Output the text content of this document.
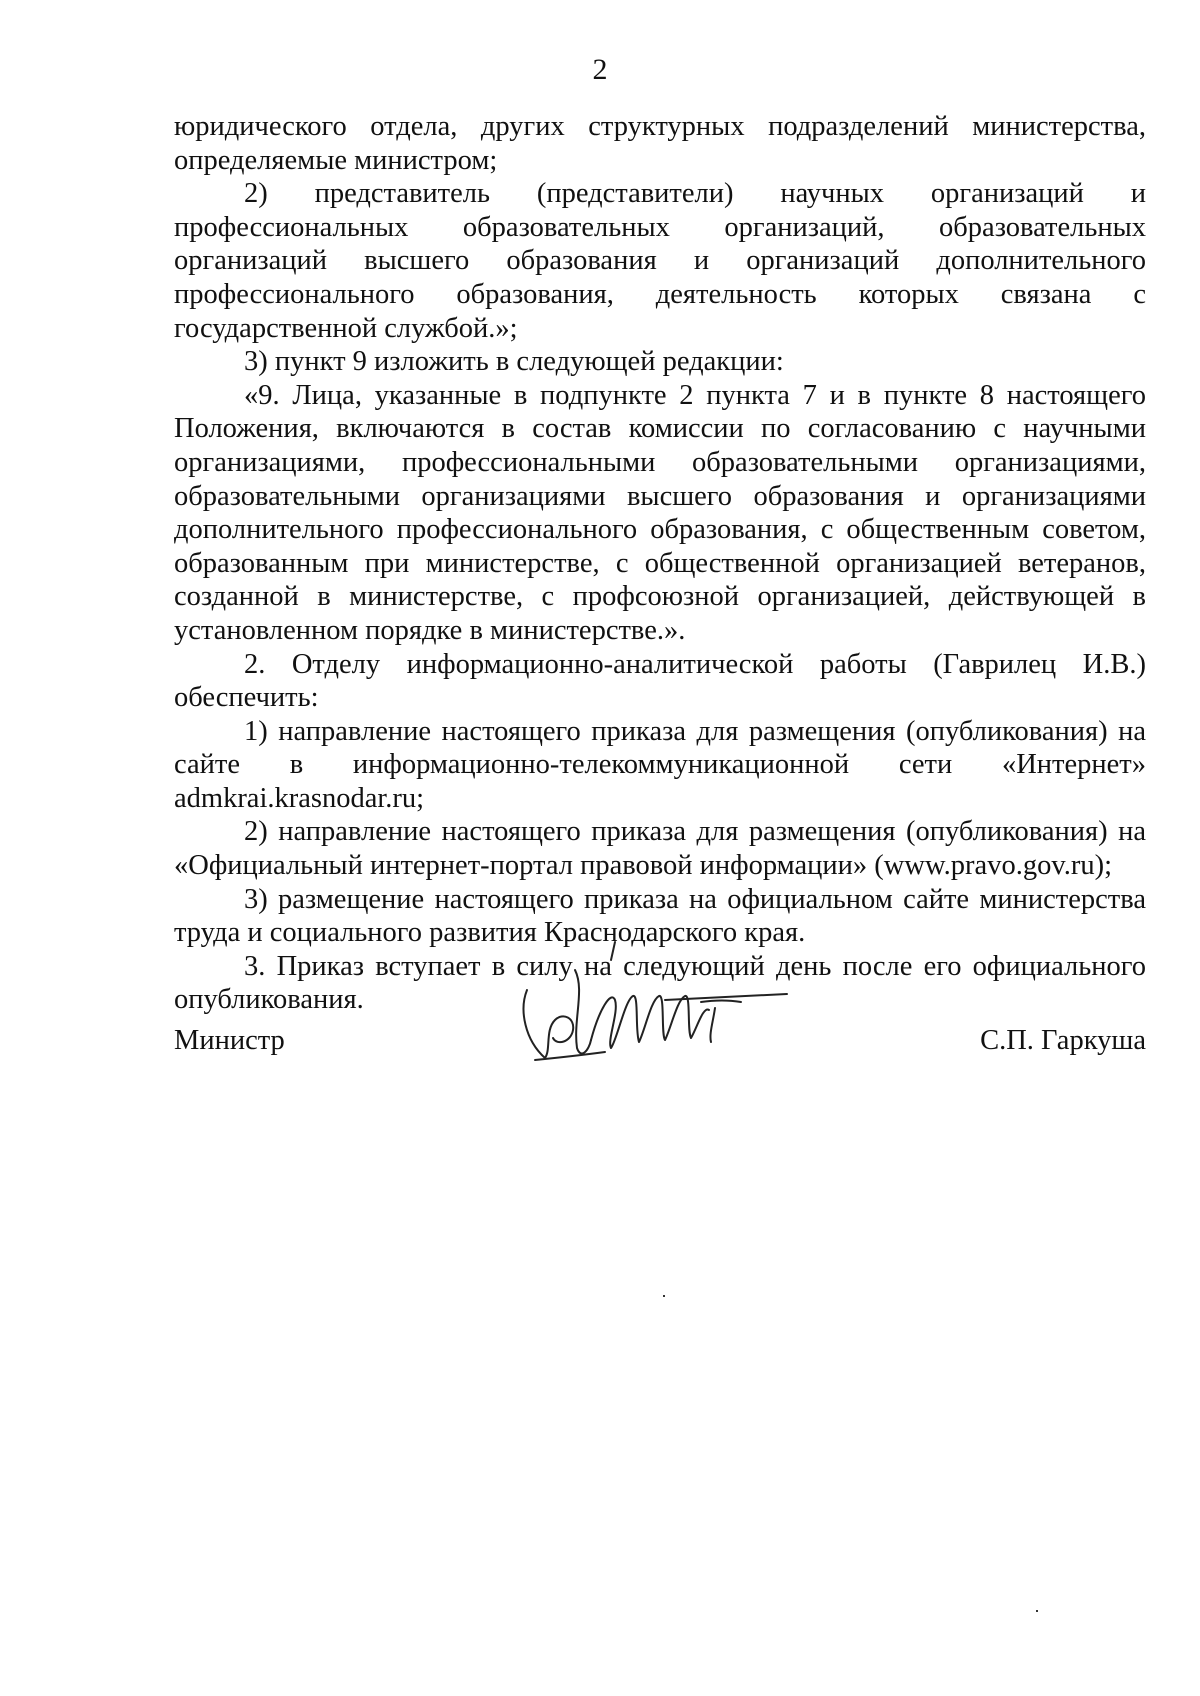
2

юридического отдела, других структурных подразделений министерства, определяемые министром;

2) представитель (представители) научных организаций и профессиональных образовательных организаций, образовательных организаций высшего образования и организаций дополнительного профессионального образования, деятельность которых связана с государственной службой.»;

3) пункт 9 изложить в следующей редакции:

«9. Лица, указанные в подпункте 2 пункта 7 и в пункте 8 настоящего Положения, включаются в состав комиссии по согласованию с научными организациями, профессиональными образовательными организациями, образовательными организациями высшего образования и организациями дополнительного профессионального образования, с общественным советом, образованным при министерстве, с общественной организацией ветеранов, созданной в министерстве, с профсоюзной организацией, действующей в установленном порядке в министерстве.».

2. Отделу информационно-аналитической работы (Гаврилец И.В.) обеспечить:

1) направление настоящего приказа для размещения (опубликования) на сайте в информационно-телекоммуникационной сети «Интернет» admkrai.krasnodar.ru;

2) направление настоящего приказа для размещения (опубликования) на «Официальный интернет-портал правовой информации» (www.pravo.gov.ru);

3) размещение настоящего приказа на официальном сайте министерства труда и социального развития Краснодарского края.

3. Приказ вступает в силу на следующий день после его официального опубликования.

Министр	С.П. Гаркуша
